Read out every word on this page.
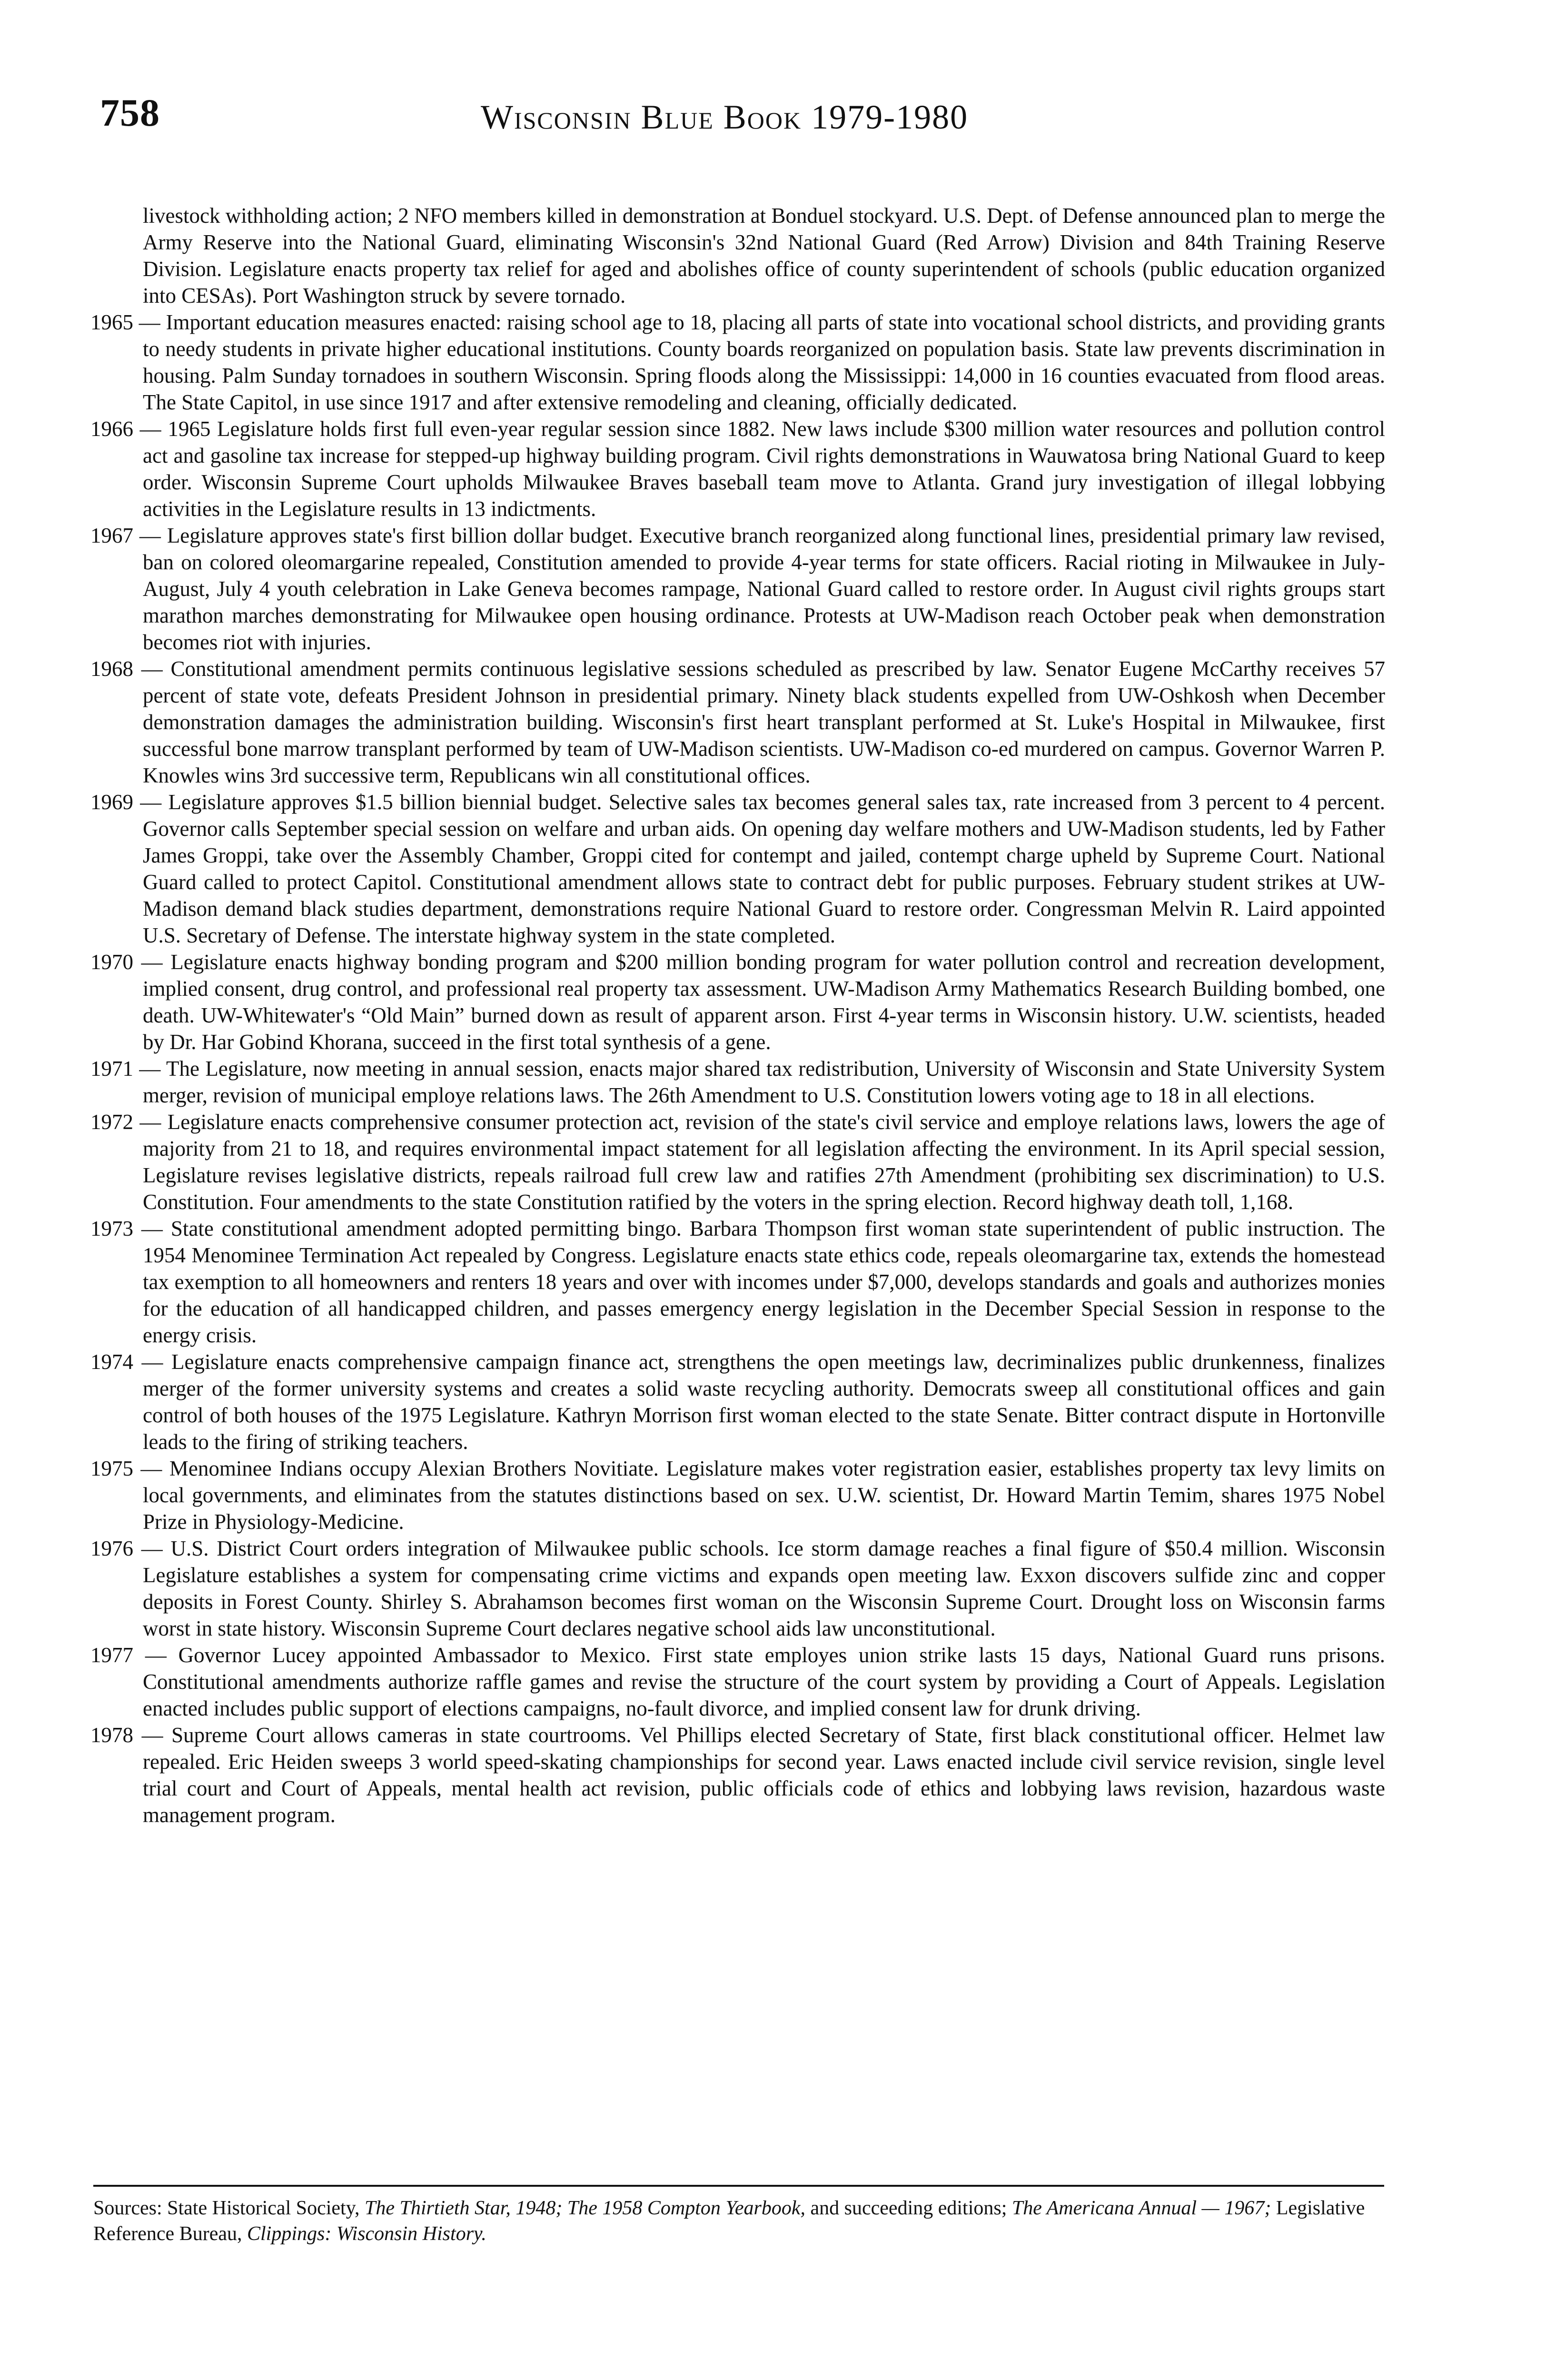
758	Wisconsin Blue Book 1979-1980

livestock withholding action; 2 NFO members killed in demonstration at Bonduel stockyard. U.S. Dept. of Defense announced plan to merge the Army Reserve into the National Guard, eliminating Wisconsin's 32nd National Guard (Red Arrow) Division and 84th Training Reserve Division. Legislature enacts property tax relief for aged and abolishes office of county superintendent of schools (public education organized into CESAs). Port Washington struck by severe tornado.

1965 — Important education measures enacted: raising school age to 18, placing all parts of state into vocational school districts, and providing grants to needy students in private higher educational institutions. County boards reorganized on population basis. State law prevents discrimination in housing. Palm Sunday tornadoes in southern Wisconsin. Spring floods along the Mississippi: 14,000 in 16 counties evacuated from flood areas. The State Capitol, in use since 1917 and after extensive remodeling and cleaning, officially dedicated.

1966 — 1965 Legislature holds first full even-year regular session since 1882. New laws include $300 million water resources and pollution control act and gasoline tax increase for stepped-up highway building program. Civil rights demonstrations in Wauwatosa bring National Guard to keep order. Wisconsin Supreme Court upholds Milwaukee Braves baseball team move to Atlanta. Grand jury investigation of illegal lobbying activities in the Legislature results in 13 indictments.

1967 — Legislature approves state's first billion dollar budget. Executive branch reorganized along functional lines, presidential primary law revised, ban on colored oleomargarine repealed, Constitution amended to provide 4-year terms for state officers. Racial rioting in Milwaukee in July-August, July 4 youth celebration in Lake Geneva becomes rampage, National Guard called to restore order. In August civil rights groups start marathon marches demonstrating for Milwaukee open housing ordinance. Protests at UW-Madison reach October peak when demonstration becomes riot with injuries.

1968 — Constitutional amendment permits continuous legislative sessions scheduled as prescribed by law. Senator Eugene McCarthy receives 57 percent of state vote, defeats President Johnson in presidential primary. Ninety black students expelled from UW-Oshkosh when December demonstration damages the administration building. Wisconsin's first heart transplant performed at St. Luke's Hospital in Milwaukee, first successful bone marrow transplant performed by team of UW-Madison scientists. UW-Madison co-ed murdered on campus. Governor Warren P. Knowles wins 3rd successive term, Republicans win all constitutional offices.

1969 — Legislature approves $1.5 billion biennial budget. Selective sales tax becomes general sales tax, rate increased from 3 percent to 4 percent. Governor calls September special session on welfare and urban aids. On opening day welfare mothers and UW-Madison students, led by Father James Groppi, take over the Assembly Chamber, Groppi cited for contempt and jailed, contempt charge upheld by Supreme Court. National Guard called to protect Capitol. Constitutional amendment allows state to contract debt for public purposes. February student strikes at UW-Madison demand black studies department, demonstrations require National Guard to restore order. Congressman Melvin R. Laird appointed U.S. Secretary of Defense. The interstate highway system in the state completed.

1970 — Legislature enacts highway bonding program and $200 million bonding program for water pollution control and recreation development, implied consent, drug control, and professional real property tax assessment. UW-Madison Army Mathematics Research Building bombed, one death. UW-Whitewater's “Old Main” burned down as result of apparent arson. First 4-year terms in Wisconsin history. U.W. scientists, headed by Dr. Har Gobind Khorana, succeed in the first total synthesis of a gene.

1971 — The Legislature, now meeting in annual session, enacts major shared tax redistribution, University of Wisconsin and State University System merger, revision of municipal employe relations laws. The 26th Amendment to U.S. Constitution lowers voting age to 18 in all elections.

1972 — Legislature enacts comprehensive consumer protection act, revision of the state's civil service and employe relations laws, lowers the age of majority from 21 to 18, and requires environmental impact statement for all legislation affecting the environment. In its April special session, Legislature revises legislative districts, repeals railroad full crew law and ratifies 27th Amendment (prohibiting sex discrimination) to U.S. Constitution. Four amendments to the state Constitution ratified by the voters in the spring election. Record highway death toll, 1,168.

1973 — State constitutional amendment adopted permitting bingo. Barbara Thompson first woman state superintendent of public instruction. The 1954 Menominee Termination Act repealed by Congress. Legislature enacts state ethics code, repeals oleomargarine tax, extends the homestead tax exemption to all homeowners and renters 18 years and over with incomes under $7,000, develops standards and goals and authorizes monies for the education of all handicapped children, and passes emergency energy legislation in the December Special Session in response to the energy crisis.

1974 — Legislature enacts comprehensive campaign finance act, strengthens the open meetings law, decriminalizes public drunkenness, finalizes merger of the former university systems and creates a solid waste recycling authority. Democrats sweep all constitutional offices and gain control of both houses of the 1975 Legislature. Kathryn Morrison first woman elected to the state Senate. Bitter contract dispute in Hortonville leads to the firing of striking teachers.

1975 — Menominee Indians occupy Alexian Brothers Novitiate. Legislature makes voter registration easier, establishes property tax levy limits on local governments, and eliminates from the statutes distinctions based on sex. U.W. scientist, Dr. Howard Martin Temim, shares 1975 Nobel Prize in Physiology-Medicine.

1976 — U.S. District Court orders integration of Milwaukee public schools. Ice storm damage reaches a final figure of $50.4 million. Wisconsin Legislature establishes a system for compensating crime victims and expands open meeting law. Exxon discovers sulfide zinc and copper deposits in Forest County. Shirley S. Abrahamson becomes first woman on the Wisconsin Supreme Court. Drought loss on Wisconsin farms worst in state history. Wisconsin Supreme Court declares negative school aids law unconstitutional.

1977 — Governor Lucey appointed Ambassador to Mexico. First state employes union strike lasts 15 days, National Guard runs prisons. Constitutional amendments authorize raffle games and revise the structure of the court system by providing a Court of Appeals. Legislation enacted includes public support of elections campaigns, no-fault divorce, and implied consent law for drunk driving.

1978 — Supreme Court allows cameras in state courtrooms. Vel Phillips elected Secretary of State, first black constitutional officer. Helmet law repealed. Eric Heiden sweeps 3 world speed-skating championships for second year. Laws enacted include civil service revision, single level trial court and Court of Appeals, mental health act revision, public officials code of ethics and lobbying laws revision, hazardous waste management program.

Sources: State Historical Society, The Thirtieth Star, 1948; The 1958 Compton Yearbook, and succeeding editions; The Americana Annual — 1967; Legislative Reference Bureau, Clippings: Wisconsin History.
